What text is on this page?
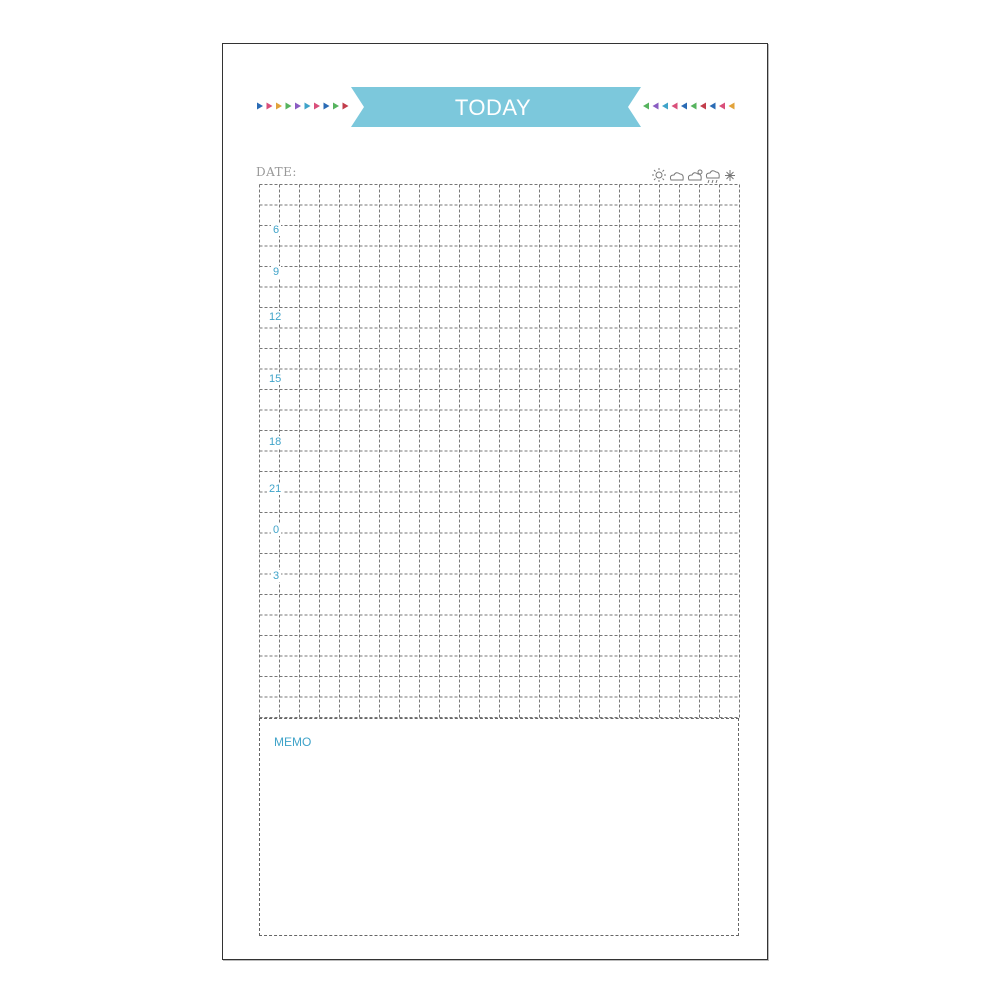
TODAY
DATE:
6
9
12
15
18
21
0
3
MEMO
